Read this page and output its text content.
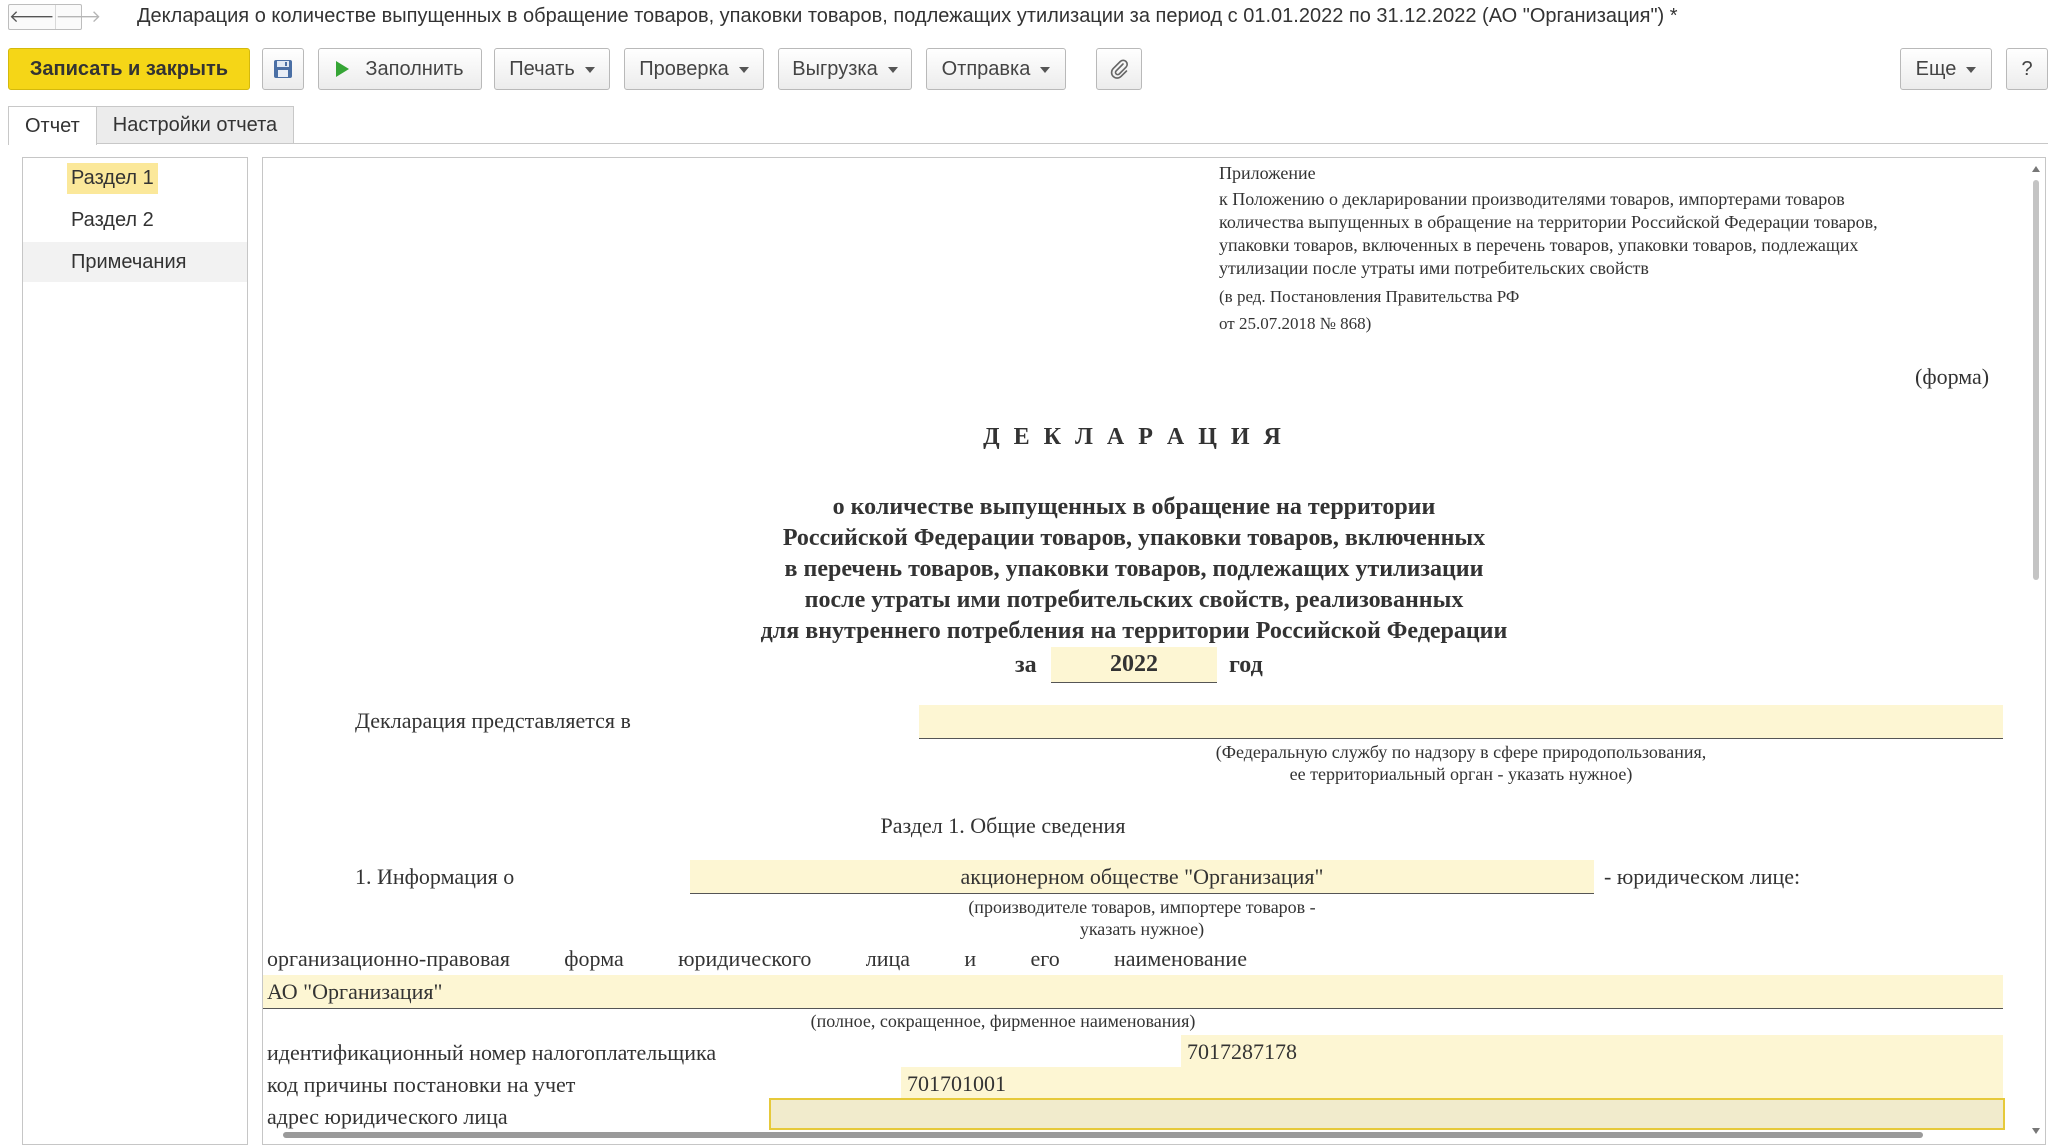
🡐 🡒 Декларация о количестве выпущенных в обращение товаров, упаковки товаров, подлежащих утилизации за период с 01.01.2022 по 31.12.2022 (АО "Организация") *
Записать и закрыть	Заполнить Печать	Проверка	Выгрузка	Отправка	Еще	?
Отчет	Настройки отчета
Раздел 1
Раздел 2
Примечания
Приложение
к Положению о декларировании производителями товаров, импортерами товаров
количества выпущенных в обращение на территории Российской Федерации товаров,
упаковки товаров, включенных в перечень товаров, упаковки товаров, подлежащих
утилизации после утраты ими потребительских свойств
(в ред. Постановления Правительства РФ
от 25.07.2018 № 868)
(форма)
Д Е К Л А Р А Ц И Я
о количестве выпущенных в обращение на территории
Российской Федерации товаров, упаковки товаров, включенных
в перечень товаров, упаковки товаров, подлежащих утилизации
после утраты ими потребительских свойств, реализованных
для внутреннего потребления на территории Российской Федерации
за	2022	год
Декларация представляется в
(Федеральную службу по надзору в сфере природопользования,
ее территориальный орган - указать нужное)
Раздел 1. Общие сведения
1. Информация о	акционерном обществе "Организация"	- юридическом лице:
(производителе товаров, импортере товаров -
указать нужное)
организационно-правовая форма юридического лица и его наименование
АО "Организация"
(полное, сокращенное, фирменное наименования)
идентификационный номер налогоплательщика	7017287178
код причины постановки на учет	701701001
адрес юридического лица
